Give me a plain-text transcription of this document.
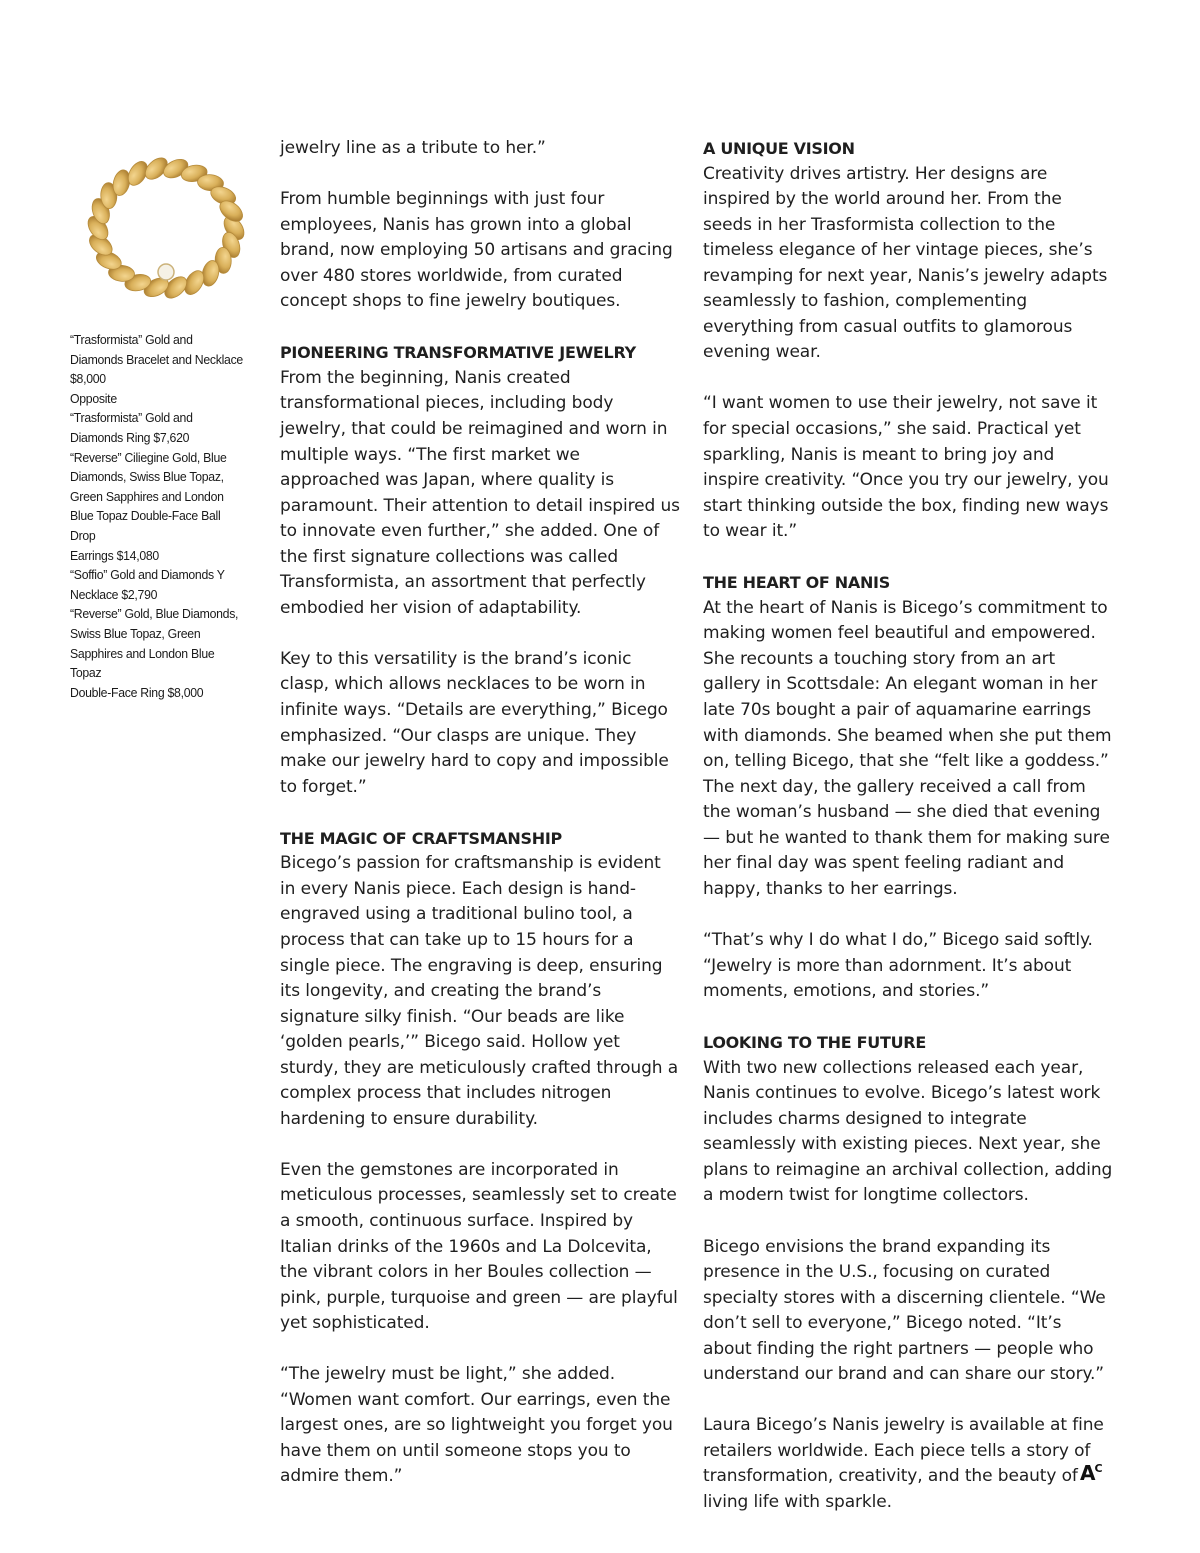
“Trasformista” Gold and
Diamonds Bracelet and Necklace
$8,000
Opposite
“Trasformista” Gold and
Diamonds Ring $7,620
“Reverse” Ciliegine Gold, Blue
Diamonds, Swiss Blue Topaz,
Green Sapphires and London
Blue Topaz Double-Face Ball Drop
Earrings $14,080
“Soffio” Gold and Diamonds Y
Necklace $2,790
“Reverse” Gold, Blue Diamonds,
Swiss Blue Topaz, Green
Sapphires and London Blue Topaz
Double-Face Ring $8,000

jewelry line as a tribute to her.”

From humble beginnings with just four employees, Nanis has grown into a global brand, now employing 50 artisans and gracing over 480 stores worldwide, from curated concept shops to fine jewelry boutiques.

PIONEERING TRANSFORMATIVE JEWELRY

From the beginning, Nanis created transformational pieces, including body jewelry, that could be reimagined and worn in multiple ways. “The first market we approached was Japan, where quality is paramount. Their attention to detail inspired us to innovate even further,” she added. One of the first signature collections was called Transformista, an assortment that perfectly embodied her vision of adaptability.

Key to this versatility is the brand’s iconic clasp, which allows necklaces to be worn in infinite ways. “Details are everything,” Bicego emphasized. “Our clasps are unique. They make our jewelry hard to copy and impossible to forget.”

THE MAGIC OF CRAFTSMANSHIP

Bicego’s passion for craftsmanship is evident in every Nanis piece. Each design is hand-engraved using a traditional bulino tool, a process that can take up to 15 hours for a single piece. The engraving is deep, ensuring its longevity, and creating the brand’s signature silky finish. “Our beads are like ‘golden pearls,’” Bicego said. Hollow yet sturdy, they are meticulously crafted through a complex process that includes nitrogen hardening to ensure durability.

Even the gemstones are incorporated in meticulous processes, seamlessly set to create a smooth, continuous surface. Inspired by Italian drinks of the 1960s and La Dolcevita, the vibrant colors in her Boules collection — pink, purple, turquoise and green — are playful yet sophisticated.

“The jewelry must be light,” she added. “Women want comfort. Our earrings, even the largest ones, are so lightweight you forget you have them on until someone stops you to admire them.”

A UNIQUE VISION

Creativity drives artistry. Her designs are inspired by the world around her. From the seeds in her Trasformista collection to the timeless elegance of her vintage pieces, she’s revamping for next year, Nanis’s jewelry adapts seamlessly to fashion, complementing everything from casual outfits to glamorous evening wear.

“I want women to use their jewelry, not save it for special occasions,” she said. Practical yet sparkling, Nanis is meant to bring joy and inspire creativity. “Once you try our jewelry, you start thinking outside the box, finding new ways to wear it.”

THE HEART OF NANIS

At the heart of Nanis is Bicego’s commitment to making women feel beautiful and empowered. She recounts a touching story from an art gallery in Scottsdale: An elegant woman in her late 70s bought a pair of aquamarine earrings with diamonds. She beamed when she put them on, telling Bicego, that she “felt like a goddess.” The next day, the gallery received a call from the woman’s husband — she died that evening — but he wanted to thank them for making sure her final day was spent feeling radiant and happy, thanks to her earrings.

“That’s why I do what I do,” Bicego said softly. “Jewelry is more than adornment. It’s about moments, emotions, and stories.”

LOOKING TO THE FUTURE

With two new collections released each year, Nanis continues to evolve. Bicego’s latest work includes charms designed to integrate seamlessly with existing pieces. Next year, she plans to reimagine an archival collection, adding a modern twist for longtime collectors.

Bicego envisions the brand expanding its presence in the U.S., focusing on curated specialty stores with a discerning clientele. “We don’t sell to everyone,” Bicego noted. “It’s about finding the right partners — people who understand our brand and can share our story.”

Laura Bicego’s Nanis jewelry is available at fine retailers worldwide. Each piece tells a story of transformation, creativity, and the beauty of living life with sparkle.

$A^C$
